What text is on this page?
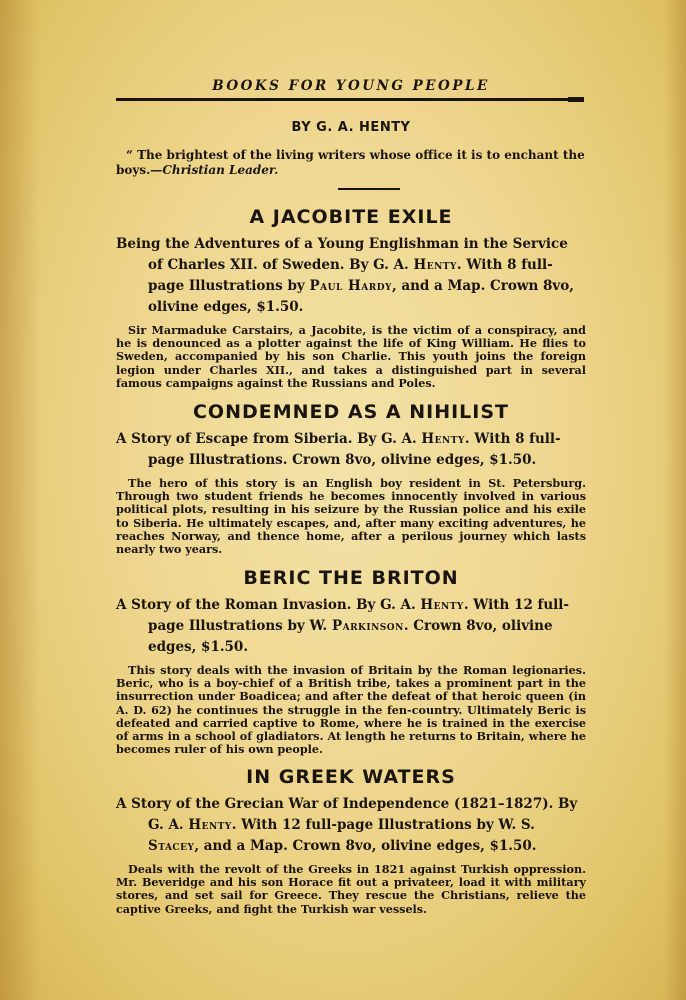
BOOKS FOR YOUNG PEOPLE
BY G. A. HENTY
“ The brightest of the living writers whose office it is to enchant the boys.—Christian Leader.
A JACOBITE EXILE

Being the Adventures of a Young Englishman in the Service of Charles XII. of Sweden. By G. A. Henty. With 8 full-page Illustrations by Paul Hardy, and a Map. Crown 8vo, olivine edges, $1.50.

Sir Marmaduke Carstairs, a Jacobite, is the victim of a conspiracy, and he is denounced as a plotter against the life of King William. He flies to Sweden, accompanied by his son Charlie. This youth joins the foreign legion under Charles XII., and takes a distinguished part in several famous campaigns against the Russians and Poles.

CONDEMNED AS A NIHILIST

A Story of Escape from Siberia. By G. A. Henty. With 8 full-page Illustrations. Crown 8vo, olivine edges, $1.50.

The hero of this story is an English boy resident in St. Petersburg. Through two student friends he becomes innocently involved in various political plots, resulting in his seizure by the Russian police and his exile to Siberia. He ultimately escapes, and, after many exciting adventures, he reaches Norway, and thence home, after a perilous journey which lasts nearly two years.

BERIC THE BRITON

A Story of the Roman Invasion. By G. A. Henty. With 12 full-page Illustrations by W. Parkinson. Crown 8vo, olivine edges, $1.50.

This story deals with the invasion of Britain by the Roman legionaries. Beric, who is a boy-chief of a British tribe, takes a prominent part in the insurrection under Boadicea; and after the defeat of that heroic queen (in A. D. 62) he continues the struggle in the fen-country. Ultimately Beric is defeated and carried captive to Rome, where he is trained in the exercise of arms in a school of gladiators. At length he returns to Britain, where he becomes ruler of his own people.

IN GREEK WATERS

A Story of the Grecian War of Independence (1821–1827). By G. A. Henty. With 12 full-page Illustrations by W. S. Stacey, and a Map. Crown 8vo, olivine edges, $1.50.

Deals with the revolt of the Greeks in 1821 against Turkish oppression. Mr. Beveridge and his son Horace fit out a privateer, load it with military stores, and set sail for Greece. They rescue the Christians, relieve the captive Greeks, and fight the Turkish war vessels.
